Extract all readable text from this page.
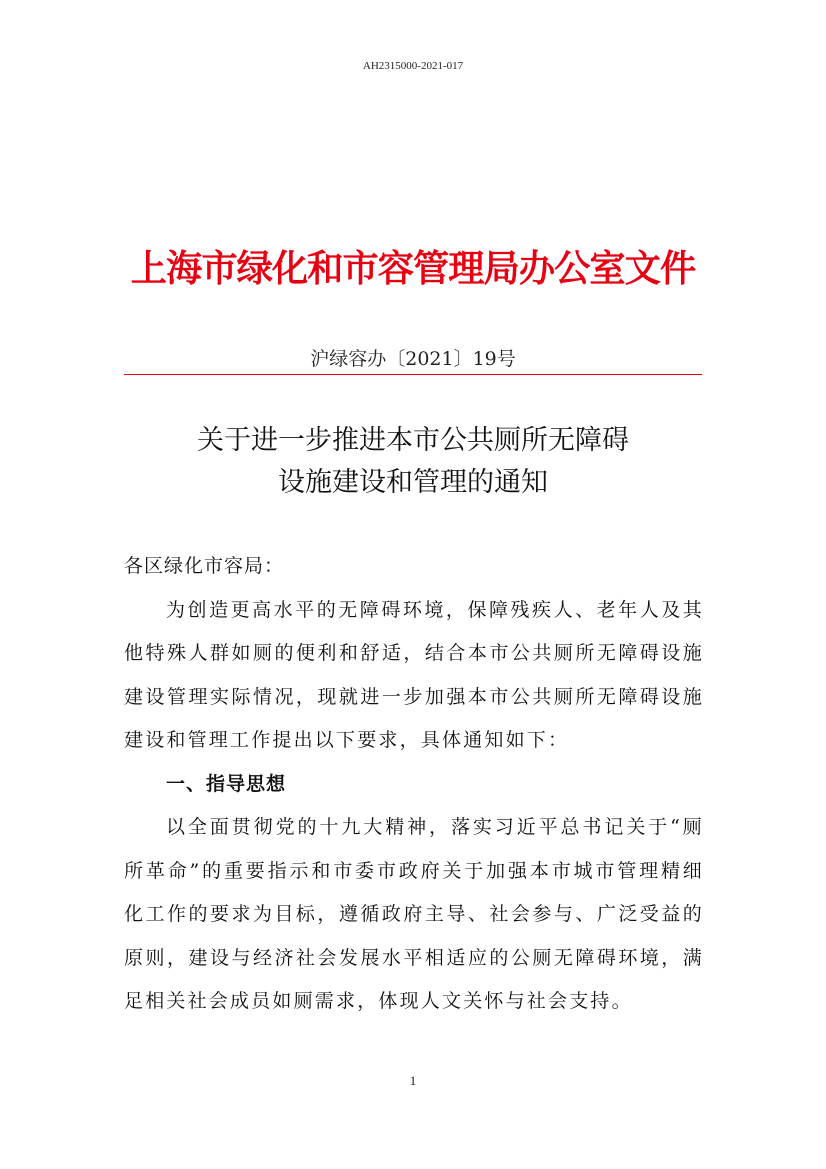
AH2315000-2021-017
上海市绿化和市容管理局办公室文件
沪绿容办〔2021〕19号
关于进一步推进本市公共厕所无障碍
设施建设和管理的通知

各区绿化市容局：

为创造更高水平的无障碍环境，保障残疾人、老年人及其他特殊人群如厕的便利和舒适，结合本市公共厕所无障碍设施建设管理实际情况，现就进一步加强本市公共厕所无障碍设施建设和管理工作提出以下要求，具体通知如下：

一、指导思想

以全面贯彻党的十九大精神，落实习近平总书记关于“厕所革命”的重要指示和市委市政府关于加强本市城市管理精细化工作的要求为目标，遵循政府主导、社会参与、广泛受益的原则，建设与经济社会发展水平相适应的公厕无障碍环境，满足相关社会成员如厕需求，体现人文关怀与社会支持。

1
